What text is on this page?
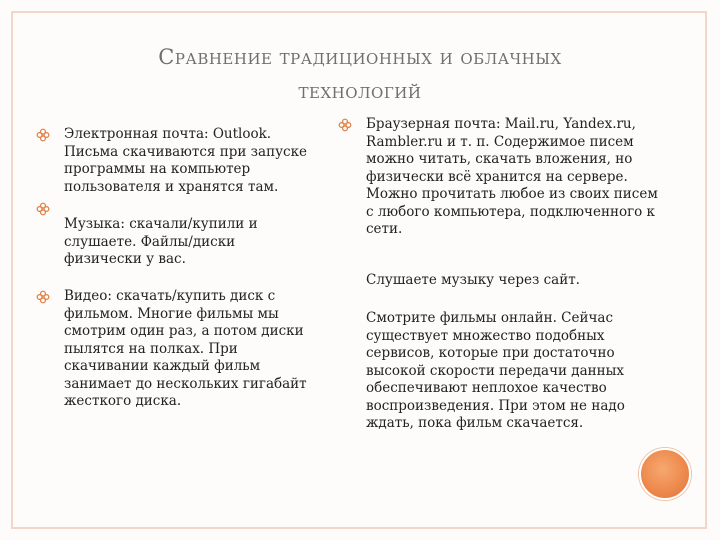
Сравнение традиционных и облачных
технологий
Электронная почта: Outlook. Письма скачиваются при запуске программы на компьютер пользователя и хранятся там.
Музыка: скачали/купили и слушаете. Файлы/диски физически у вас.
Видео: скачать/купить диск с фильмом. Многие фильмы мы смотрим один раз, а потом диски пылятся на полках. При скачивании каждый фильм занимает до нескольких гигабайт жесткого диска.
Браузерная почта: Mail.ru, Yandex.ru, Rambler.ru и т. п. Содержимое писем можно читать, скачать вложения, но физически всё хранится на сервере. Можно прочитать любое из своих писем с любого компьютера, подключенного к сети.
Слушаете музыку через сайт.
Смотрите фильмы онлайн. Сейчас существует множество подобных сервисов, которые при достаточно высокой скорости передачи данных обеспечивают неплохое качество воспроизведения. При этом не надо ждать, пока фильм скачается.
